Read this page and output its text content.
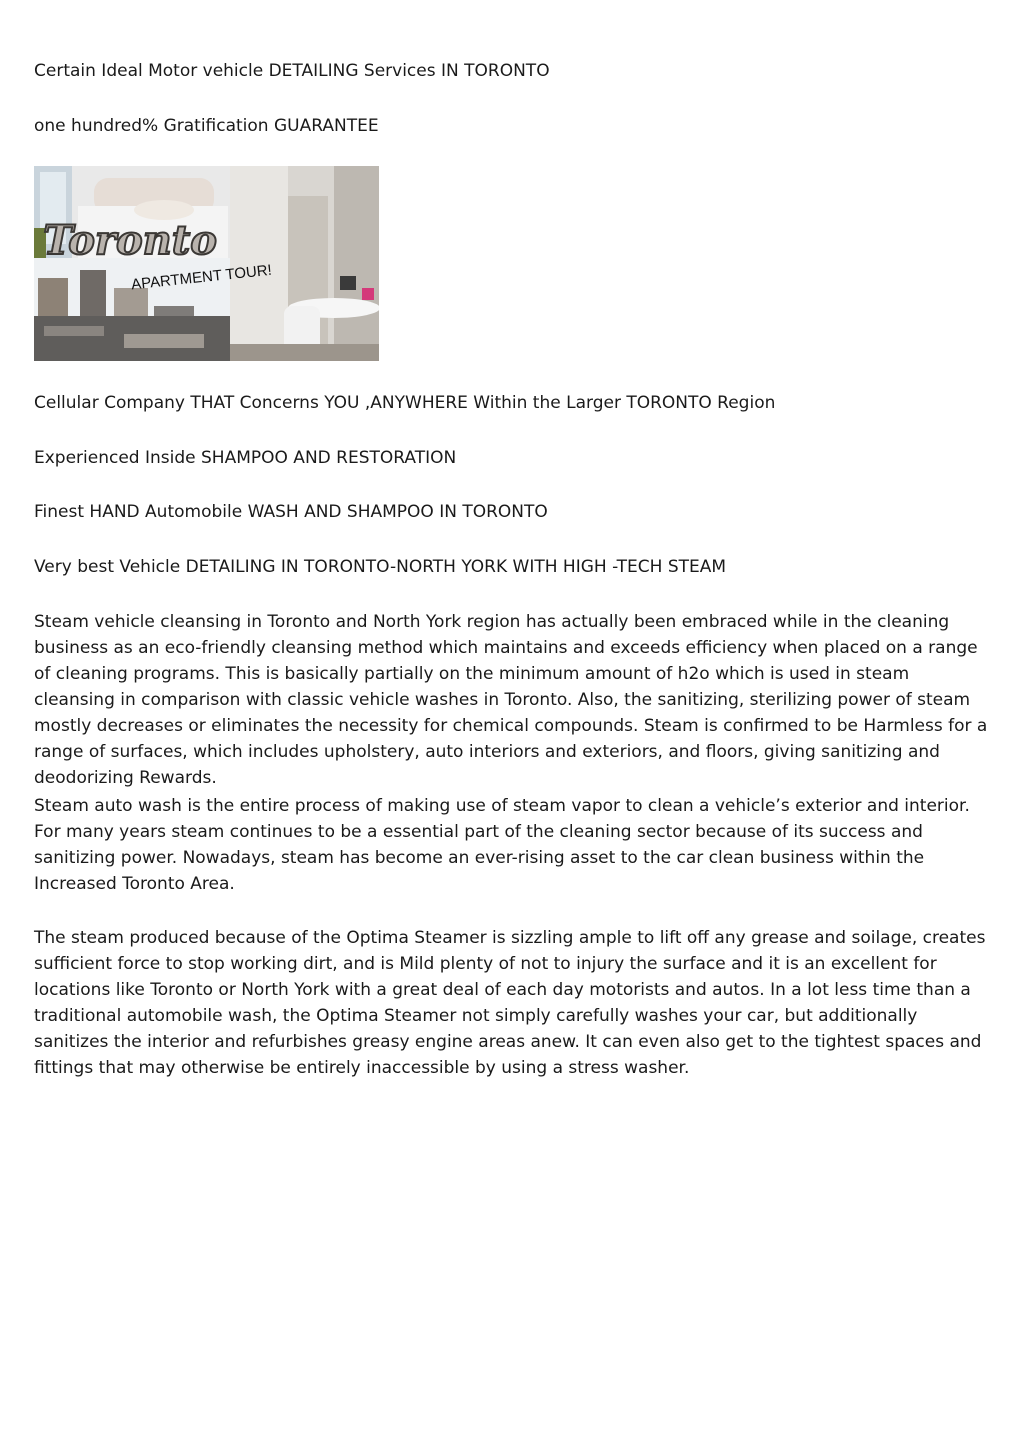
Certain Ideal Motor vehicle DETAILING Services IN TORONTO

one hundred% Gratification GUARANTEE

Toronto
APARTMENT TOUR!

Cellular Company THAT Concerns YOU ,ANYWHERE Within the Larger TORONTO Region

Experienced Inside SHAMPOO AND RESTORATION

Finest HAND Automobile WASH AND SHAMPOO IN TORONTO

Very best Vehicle DETAILING IN TORONTO-NORTH YORK WITH HIGH -TECH STEAM

Steam vehicle cleansing in Toronto and North York region has actually been embraced while in the cleaning business as an eco-friendly cleansing method which maintains and exceeds efficiency when placed on a range of cleaning programs. This is basically partially on the minimum amount of h2o which is used in steam cleansing in comparison with classic vehicle washes in Toronto. Also, the sanitizing, sterilizing power of steam mostly decreases or eliminates the necessity for chemical compounds. Steam is confirmed to be Harmless for a range of surfaces, which includes upholstery, auto interiors and exteriors, and floors, giving sanitizing and deodorizing Rewards.

Steam auto wash is the entire process of making use of steam vapor to clean a vehicle’s exterior and interior. For many years steam continues to be a essential part of the cleaning sector because of its success and sanitizing power. Nowadays, steam has become an ever-rising asset to the car clean business within the Increased Toronto Area.

The steam produced because of the Optima Steamer is sizzling ample to lift off any grease and soilage, creates sufficient force to stop working dirt, and is Mild plenty of not to injury the surface and it is an excellent for locations like Toronto or North York with a great deal of each day motorists and autos. In a lot less time than a traditional automobile wash, the Optima Steamer not simply carefully washes your car, but additionally sanitizes the interior and refurbishes greasy engine areas anew. It can even also get to the tightest spaces and fittings that may otherwise be entirely inaccessible by using a stress washer.
